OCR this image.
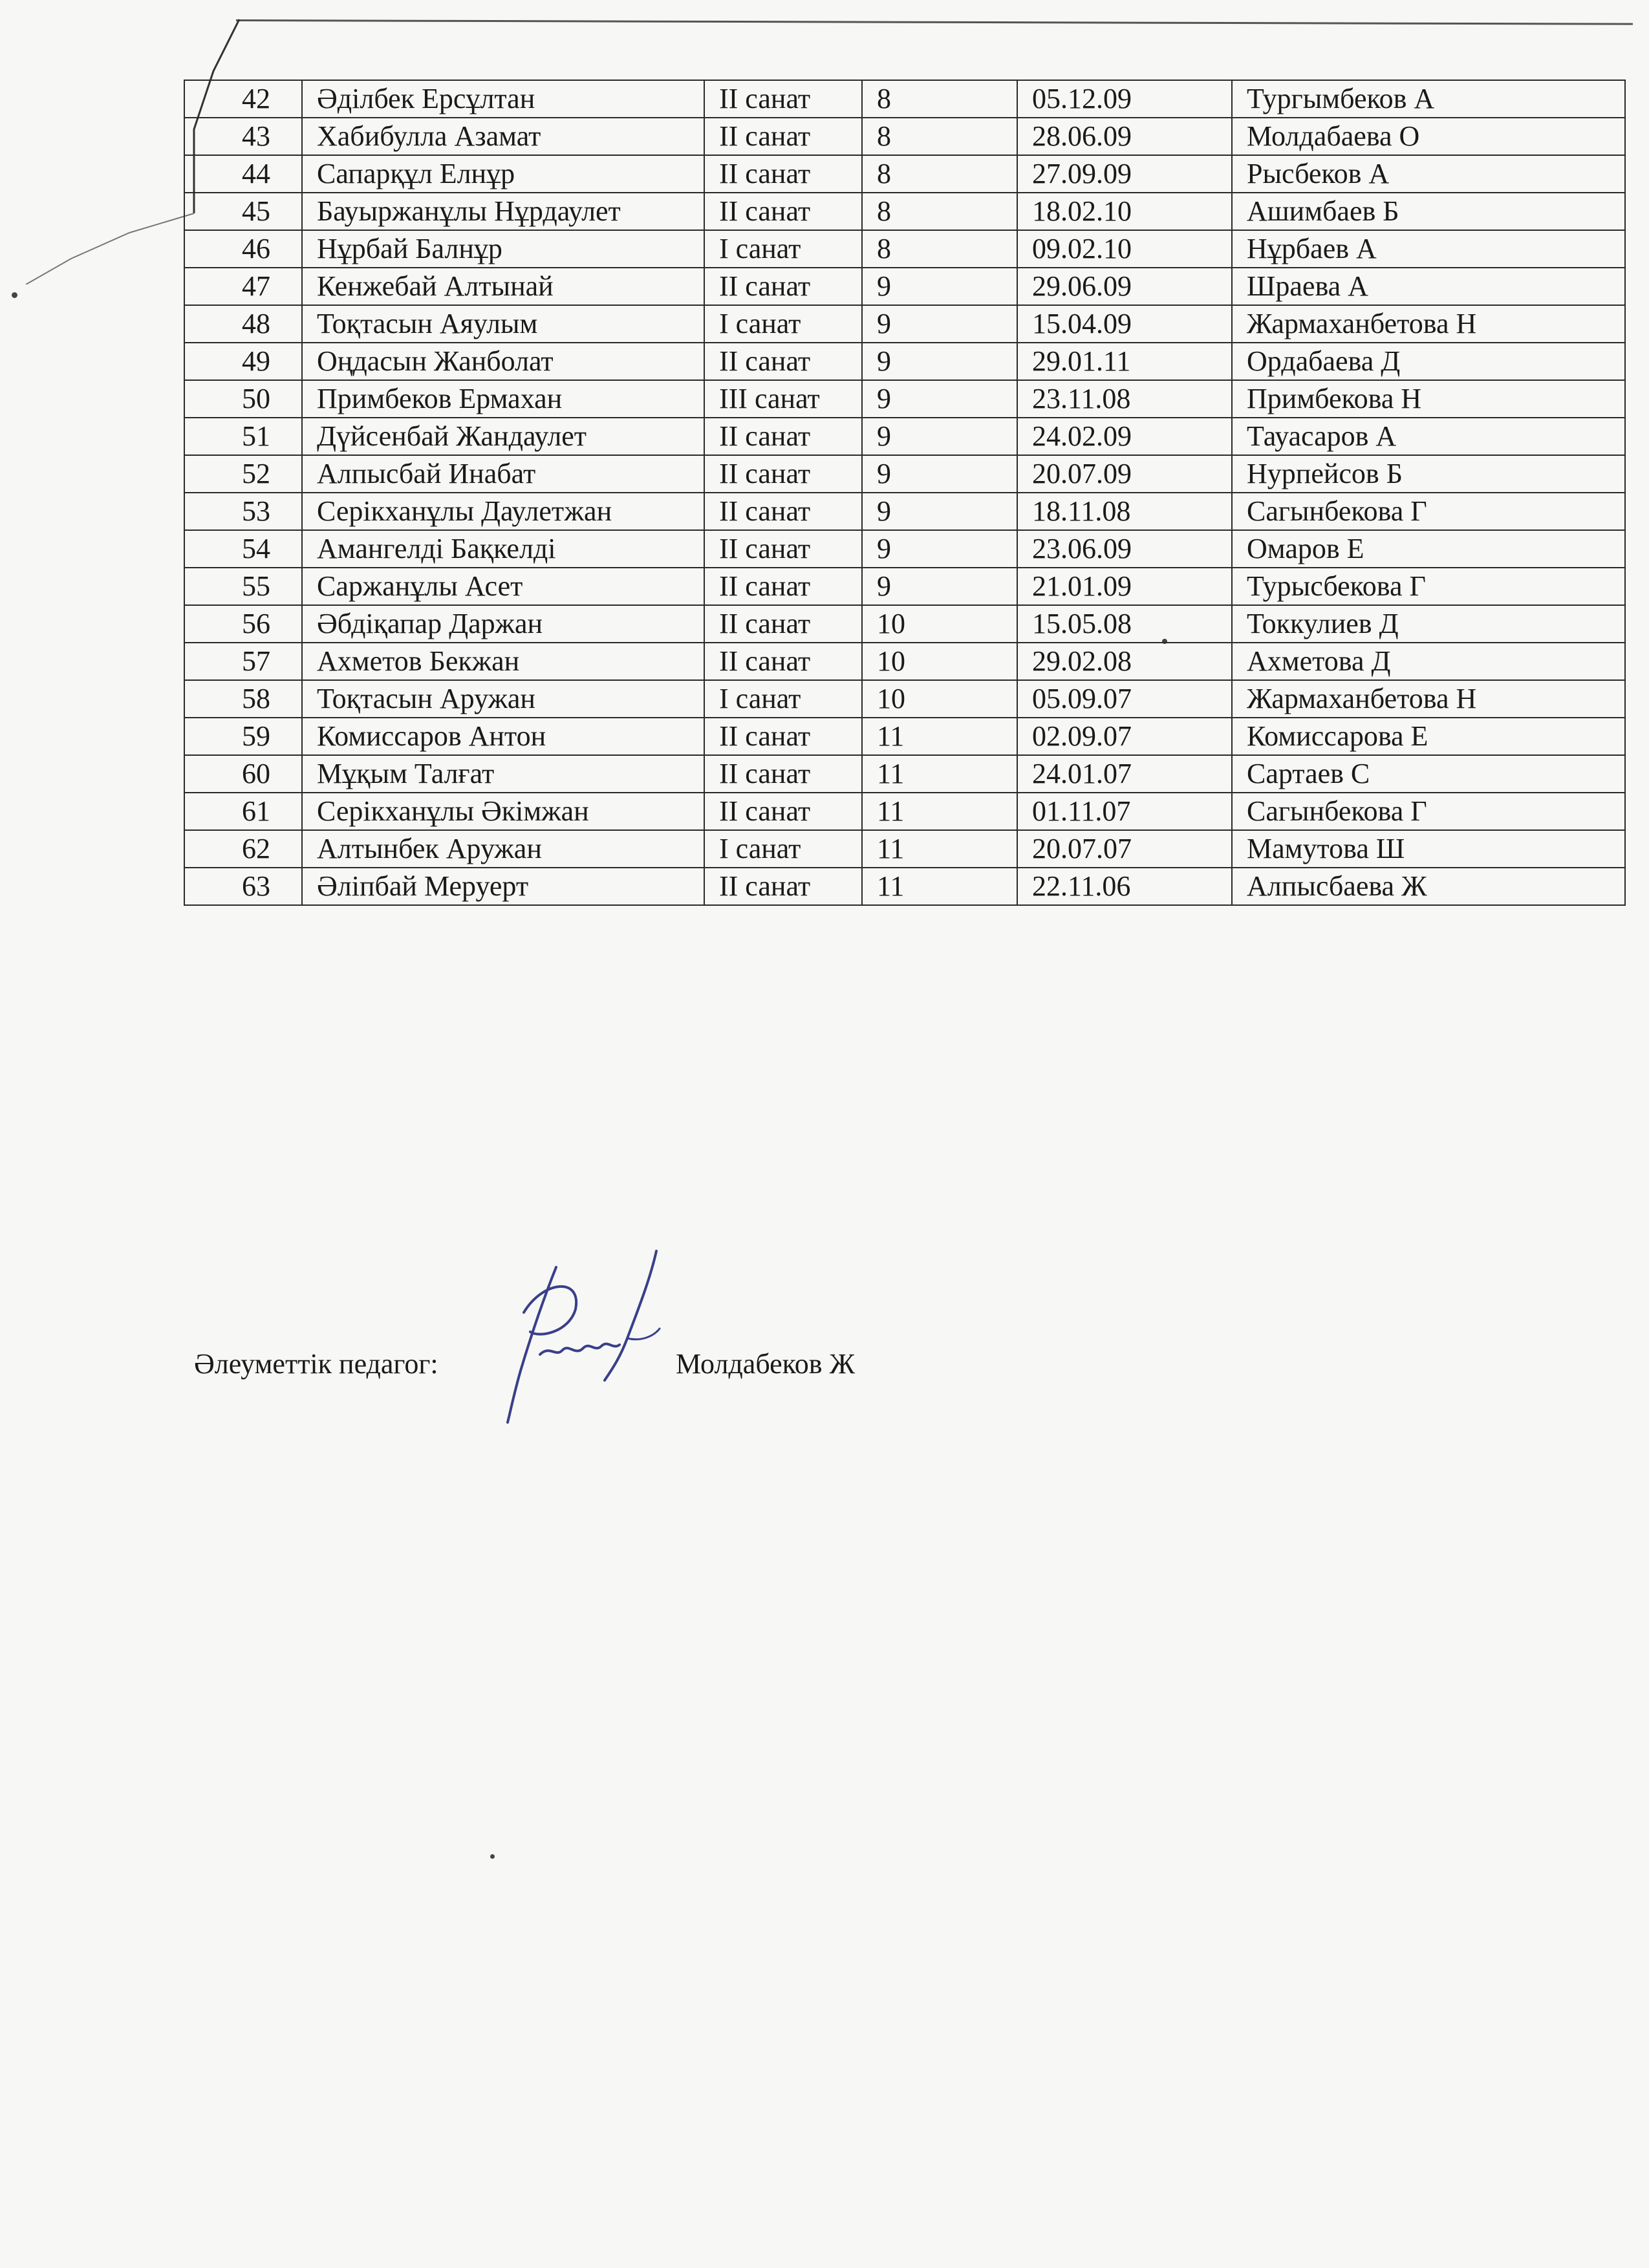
42	Әділбек Ерсұлтан	ІІ санат	8	05.12.09	Тургымбеков А
43	Хабибулла Азамат	ІІ санат	8	28.06.09	Молдабаева О
44	Сапарқұл Елнұр	ІІ санат	8	27.09.09	Рысбеков А
45	Бауыржанұлы Нұрдаулет	ІІ санат	8	18.02.10	Ашимбаев Б
46	Нұрбай Балнұр	І санат	8	09.02.10	Нұрбаев А
47	Кенжебай Алтынай	ІІ санат	9	29.06.09	Шраева А
48	Тоқтасын Аяулым	І санат	9	15.04.09	Жармаханбетова Н
49	Оңдасын Жанболат	ІІ санат	9	29.01.11	Ордабаева Д
50	Примбеков Ермахан	ІІІ санат	9	23.11.08	Примбекова Н
51	Дүйсенбай Жандаулет	ІІ санат	9	24.02.09	Тауасаров А
52	Алпысбай Инабат	ІІ санат	9	20.07.09	Нурпейсов Б
53	Серікханұлы Даулетжан	ІІ санат	9	18.11.08	Сагынбекова Г
54	Амангелді Бақкелді	ІІ санат	9	23.06.09	Омаров Е
55	Саржанұлы Асет	ІІ санат	9	21.01.09	Турысбекова Г
56	Әбдіқапар Даржан	ІІ санат	10	15.05.08	Токкулиев Д
57	Ахметов Бекжан	ІІ санат	10	29.02.08	Ахметова Д
58	Тоқтасын Аружан	І санат	10	05.09.07	Жармаханбетова Н
59	Комиссаров Антон	ІІ санат	11	02.09.07	Комиссарова Е
60	Мұқым Талғат	ІІ санат	11	24.01.07	Сартаев С
61	Серікханұлы Әкімжан	ІІ санат	11	01.11.07	Сагынбекова Г
62	Алтынбек Аружан	І санат	11	20.07.07	Мамутова Ш
63	Әліпбай Меруерт	ІІ санат	11	22.11.06	Алпысбаева Ж
Әлеуметтік педагог:	Молдабеков Ж
